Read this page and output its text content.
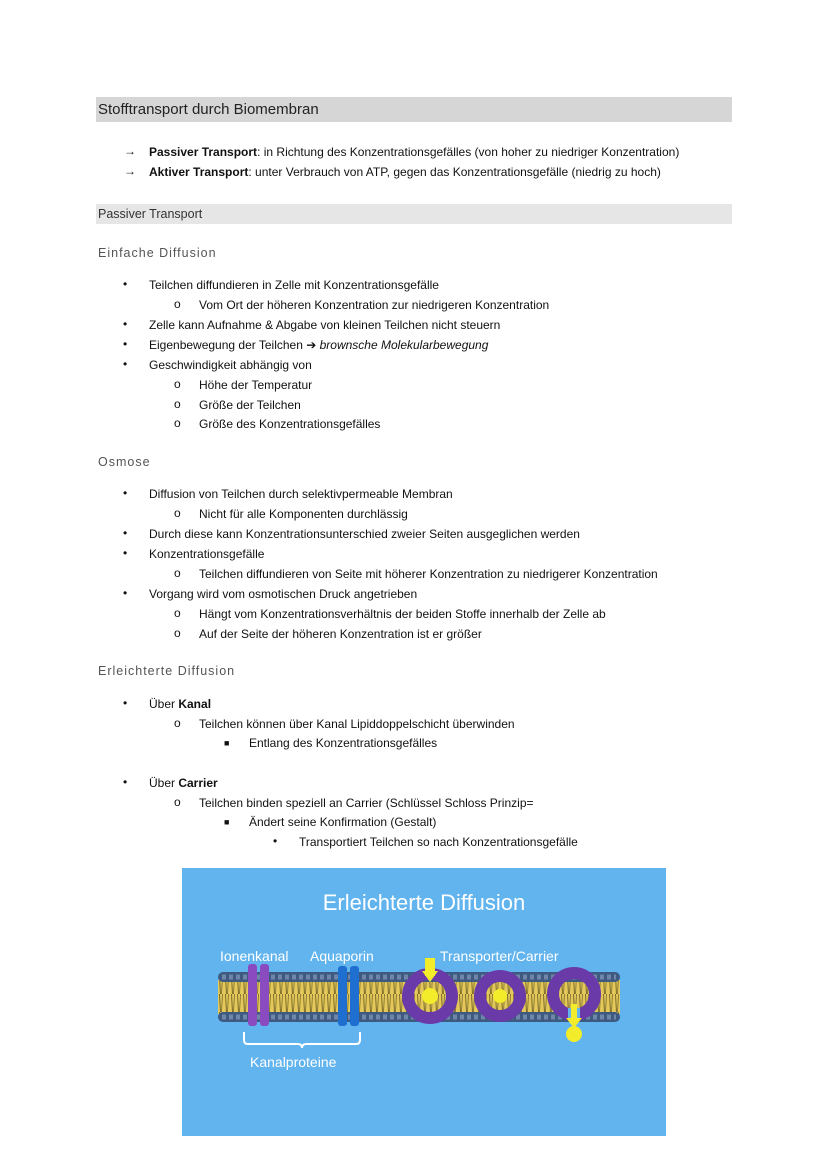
Stofftransport durch Biomembran
→ Passiver Transport: in Richtung des Konzentrationsgefälles (von hoher zu niedriger Konzentration)
→ Aktiver Transport: unter Verbrauch von ATP, gegen das Konzentrationsgefälle (niedrig zu hoch)
Passiver Transport
Einfache Diffusion
• Teilchen diffundieren in Zelle mit Konzentrationsgefälle
o Vom Ort der höheren Konzentration zur niedrigeren Konzentration
• Zelle kann Aufnahme & Abgabe von kleinen Teilchen nicht steuern
• Eigenbewegung der Teilchen ➔ brownsche Molekularbewegung
• Geschwindigkeit abhängig von
o Höhe der Temperatur
o Größe der Teilchen
o Größe des Konzentrationsgefälles
Osmose
• Diffusion von Teilchen durch selektivpermeable Membran
o Nicht für alle Komponenten durchlässig
• Durch diese kann Konzentrationsunterschied zweier Seiten ausgeglichen werden
• Konzentrationsgefälle
o Teilchen diffundieren von Seite mit höherer Konzentration zu niedrigerer Konzentration
• Vorgang wird vom osmotischen Druck angetrieben
o Hängt vom Konzentrationsverhältnis der beiden Stoffe innerhalb der Zelle ab
o Auf der Seite der höheren Konzentration ist er größer
Erleichterte Diffusion
• Über Kanal
o Teilchen können über Kanal Lipiddoppelschicht überwinden
■ Entlang des Konzentrationsgefälles
• Über Carrier
o Teilchen binden speziell an Carrier (Schlüssel Schloss Prinzip=
■ Ändert seine Konfirmation (Gestalt)
• Transportiert Teilchen so nach Konzentrationsgefälle
Erleichterte Diffusion
Ionenkanal Aquaporin	Transporter/Carrier
Kanalproteine
